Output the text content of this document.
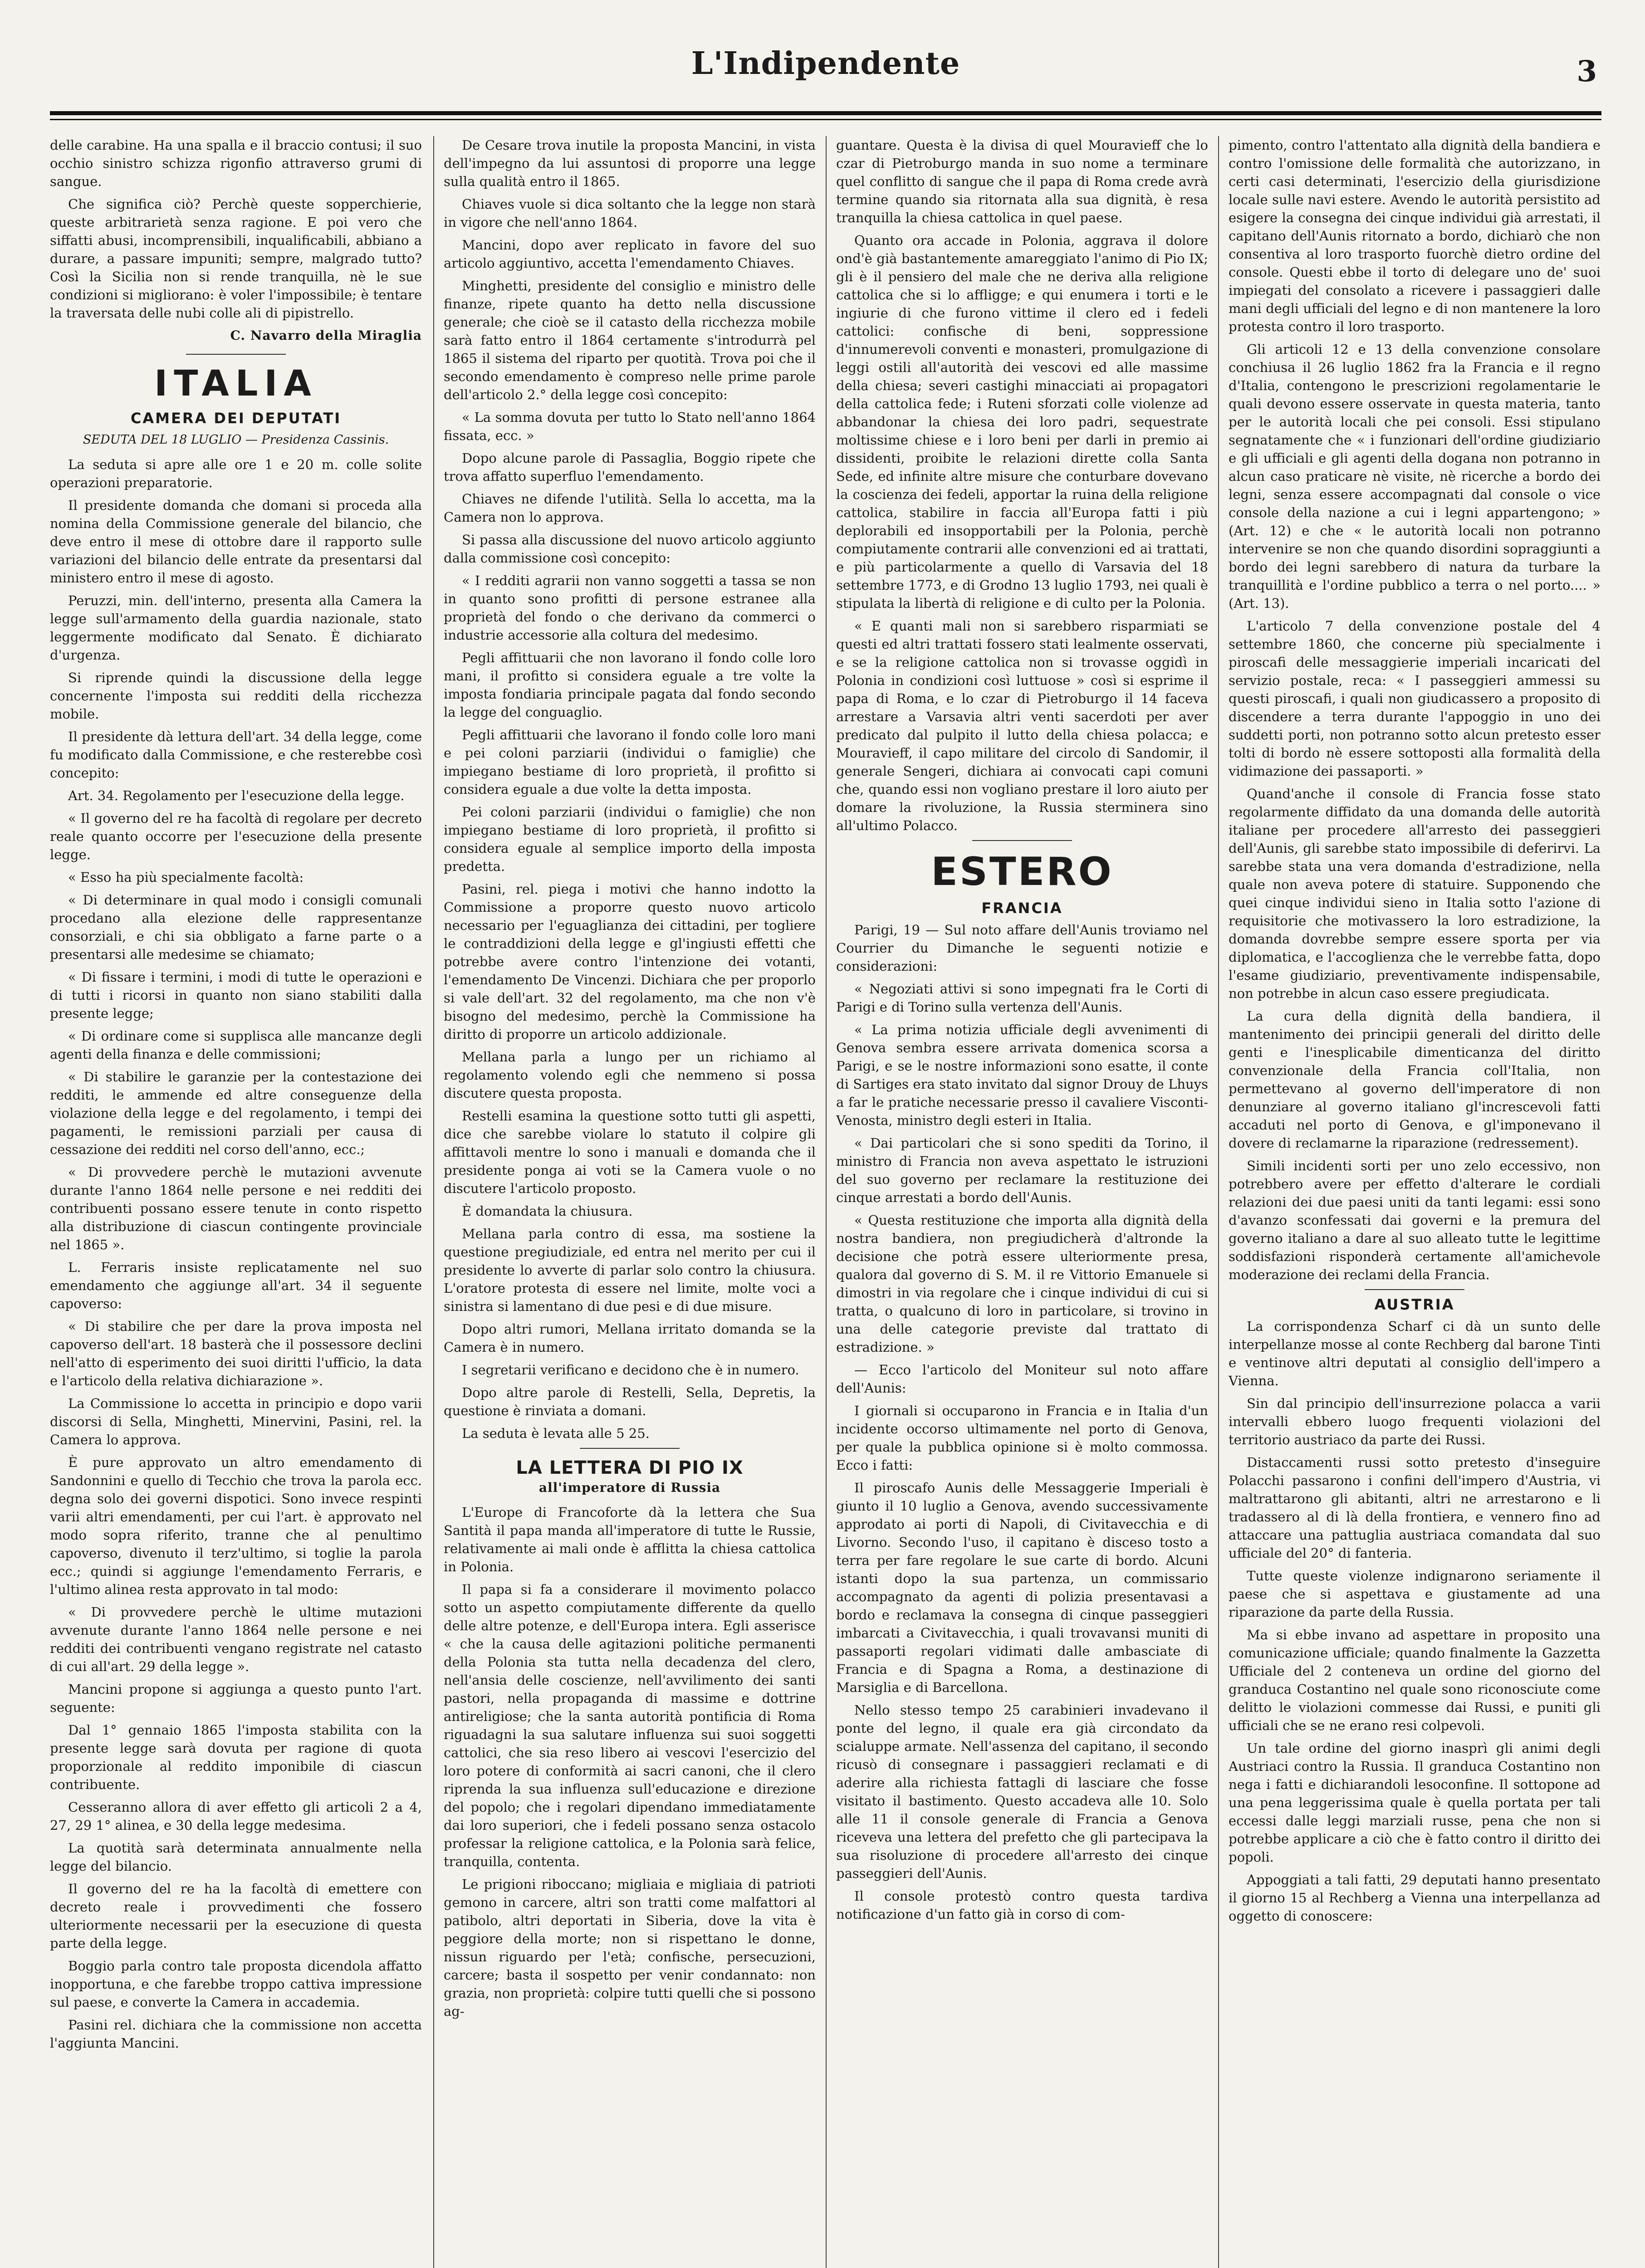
L'Indipendente	3

delle carabine. Ha una spalla e il braccio contusi; il suo occhio sinistro schizza rigonfio attraverso grumi di sangue.

Che significa ciò? Perchè queste sopperchierie, queste arbitrarietà senza ragione. E poi vero che siffatti abusi, incomprensibili, inqualificabili, abbiano a durare, a passare impuniti; sempre, malgrado tutto? Così la Sicilia non si rende tranquilla, nè le sue condizioni si migliorano: è voler l'impossibile; è tentare la traversata delle nubi colle ali di pipistrello.

C. Navarro della Miraglia
ITALIA
CAMERA DEI DEPUTATI
SEDUTA DEL 18 LUGLIO — Presidenza Cassinis.

La seduta si apre alle ore 1 e 20 m. colle solite operazioni preparatorie.

Il presidente domanda che domani si proceda alla nomina della Commissione generale del bilancio, che deve entro il mese di ottobre dare il rapporto sulle variazioni del bilancio delle entrate da presentarsi dal ministero entro il mese di agosto.

Peruzzi, min. dell'interno, presenta alla Camera la legge sull'armamento della guardia nazionale, stato leggermente modificato dal Senato. È dichiarato d'urgenza.

Si riprende quindi la discussione della legge concernente l'imposta sui redditi della ricchezza mobile.

Il presidente dà lettura dell'art. 34 della legge, come fu modificato dalla Commissione, e che resterebbe così concepito:

Art. 34. Regolamento per l'esecuzione della legge.

« Il governo del re ha facoltà di regolare per decreto reale quanto occorre per l'esecuzione della presente legge.

« Esso ha più specialmente facoltà:

« Di determinare in qual modo i consigli comunali procedano alla elezione delle rappresentanze consorziali, e chi sia obbligato a farne parte o a presentarsi alle medesime se chiamato;

« Di fissare i termini, i modi di tutte le operazioni e di tutti i ricorsi in quanto non siano stabiliti dalla presente legge;

« Di ordinare come si supplisca alle mancanze degli agenti della finanza e delle commissioni;

« Di stabilire le garanzie per la contestazione dei redditi, le ammende ed altre conseguenze della violazione della legge e del regolamento, i tempi dei pagamenti, le remissioni parziali per causa di cessazione dei redditi nel corso dell'anno, ecc.;

« Di provvedere perchè le mutazioni avvenute durante l'anno 1864 nelle persone e nei redditi dei contribuenti possano essere tenute in conto rispetto alla distribuzione di ciascun contingente provinciale nel 1865 ».

L. Ferraris insiste replicatamente nel suo emendamento che aggiunge all'art. 34 il seguente capoverso:

« Di stabilire che per dare la prova imposta nel capoverso dell'art. 18 basterà che il possessore declini nell'atto di esperimento dei suoi diritti l'ufficio, la data e l'articolo della relativa dichiarazione ».

La Commissione lo accetta in principio e dopo varii discorsi di Sella, Minghetti, Minervini, Pasini, rel. la Camera lo approva.

È pure approvato un altro emendamento di Sandonnini e quello di Tecchio che trova la parola ecc. degna solo dei governi dispotici. Sono invece respinti varii altri emendamenti, per cui l'art. è approvato nel modo sopra riferito, tranne che al penultimo capoverso, divenuto il terz'ultimo, si toglie la parola ecc.; quindi si aggiunge l'emendamento Ferraris, e l'ultimo alinea resta approvato in tal modo:

« Di provvedere perchè le ultime mutazioni avvenute durante l'anno 1864 nelle persone e nei redditi dei contribuenti vengano registrate nel catasto di cui all'art. 29 della legge ».

Mancini propone si aggiunga a questo punto l'art. seguente:

Dal 1° gennaio 1865 l'imposta stabilita con la presente legge sarà dovuta per ragione di quota proporzionale al reddito imponibile di ciascun contribuente.

Cesseranno allora di aver effetto gli articoli 2 a 4, 27, 29 1° alinea, e 30 della legge medesima.

La quotità sarà determinata annualmente nella legge del bilancio.

Il governo del re ha la facoltà di emettere con decreto reale i provvedimenti che fossero ulteriormente necessarii per la esecuzione di questa parte della legge.

Boggio parla contro tale proposta dicendola affatto inopportuna, e che farebbe troppo cattiva impressione sul paese, e converte la Camera in accademia.

Pasini rel. dichiara che la commissione non accetta l'aggiunta Mancini.

De Cesare trova inutile la proposta Mancini, in vista dell'impegno da lui assuntosi di proporre una legge sulla qualità entro il 1865.

Chiaves vuole si dica soltanto che la legge non starà in vigore che nell'anno 1864.

Mancini, dopo aver replicato in favore del suo articolo aggiuntivo, accetta l'emendamento Chiaves.

Minghetti, presidente del consiglio e ministro delle finanze, ripete quanto ha detto nella discussione generale; che cioè se il catasto della ricchezza mobile sarà fatto entro il 1864 certamente s'introdurrà pel 1865 il sistema del riparto per quotità. Trova poi che il secondo emendamento è compreso nelle prime parole dell'articolo 2.° della legge così concepito:

« La somma dovuta per tutto lo Stato nell'anno 1864 fissata, ecc. »

Dopo alcune parole di Passaglia, Boggio ripete che trova affatto superfluo l'emendamento.

Chiaves ne difende l'utilità. Sella lo accetta, ma la Camera non lo approva.

Si passa alla discussione del nuovo articolo aggiunto dalla commissione così concepito:

« I redditi agrarii non vanno soggetti a tassa se non in quanto sono profitti di persone estranee alla proprietà del fondo o che derivano da commerci o industrie accessorie alla coltura del medesimo.

Pegli affittuarii che non lavorano il fondo colle loro mani, il profitto si considera eguale a tre volte la imposta fondiaria principale pagata dal fondo secondo la legge del conguaglio.

Pegli affittuarii che lavorano il fondo colle loro mani e pei coloni parziarii (individui o famiglie) che impiegano bestiame di loro proprietà, il profitto si considera eguale a due volte la detta imposta.

Pei coloni parziarii (individui o famiglie) che non impiegano bestiame di loro proprietà, il profitto si considera eguale al semplice importo della imposta predetta.

Pasini, rel. piega i motivi che hanno indotto la Commissione a proporre questo nuovo articolo necessario per l'eguaglianza dei cittadini, per togliere le contraddizioni della legge e gl'ingiusti effetti che potrebbe avere contro l'intenzione dei votanti, l'emendamento De Vincenzi. Dichiara che per proporlo si vale dell'art. 32 del regolamento, ma che non v'è bisogno del medesimo, perchè la Commissione ha diritto di proporre un articolo addizionale.

Mellana parla a lungo per un richiamo al regolamento volendo egli che nemmeno si possa discutere questa proposta.

Restelli esamina la questione sotto tutti gli aspetti, dice che sarebbe violare lo statuto il colpire gli affittavoli mentre lo sono i manuali e domanda che il presidente ponga ai voti se la Camera vuole o no discutere l'articolo proposto.

È domandata la chiusura.

Mellana parla contro di essa, ma sostiene la questione pregiudiziale, ed entra nel merito per cui il presidente lo avverte di parlar solo contro la chiusura. L'oratore protesta di essere nel limite, molte voci a sinistra si lamentano di due pesi e di due misure.

Dopo altri rumori, Mellana irritato domanda se la Camera è in numero.

I segretarii verificano e decidono che è in numero.

Dopo altre parole di Restelli, Sella, Depretis, la questione è rinviata a domani.

La seduta è levata alle 5 25.

LA LETTERA DI PIO IX
all'imperatore di Russia

L'Europe di Francoforte dà la lettera che Sua Santità il papa manda all'imperatore di tutte le Russie, relativamente ai mali onde è afflitta la chiesa cattolica in Polonia.

Il papa si fa a considerare il movimento polacco sotto un aspetto compiutamente differente da quello delle altre potenze, e dell'Europa intera. Egli asserisce « che la causa delle agitazioni politiche permanenti della Polonia sta tutta nella decadenza del clero, nell'ansia delle coscienze, nell'avvilimento dei santi pastori, nella propaganda di massime e dottrine antireligiose; che la santa autorità pontificia di Roma riguadagni la sua salutare influenza sui suoi soggetti cattolici, che sia reso libero ai vescovi l'esercizio del loro potere di conformità ai sacri canoni, che il clero riprenda la sua influenza sull'educazione e direzione del popolo; che i regolari dipendano immediatamente dai loro superiori, che i fedeli possano senza ostacolo professar la religione cattolica, e la Polonia sarà felice, tranquilla, contenta.

Le prigioni riboccano; migliaia e migliaia di patrioti gemono in carcere, altri son tratti come malfattori al patibolo, altri deportati in Siberia, dove la vita è peggiore della morte; non si rispettano le donne, nissun riguardo per l'età; confische, persecuzioni, carcere; basta il sospetto per venir condannato: non grazia, non proprietà: colpire tutti quelli che si possono ag-

guantare. Questa è la divisa di quel Mouravieff che lo czar di Pietroburgo manda in suo nome a terminare quel conflitto di sangue che il papa di Roma crede avrà termine quando sia ritornata alla sua dignità, è resa tranquilla la chiesa cattolica in quel paese.

Quanto ora accade in Polonia, aggrava il dolore ond'è già bastantemente amareggiato l'animo di Pio IX; gli è il pensiero del male che ne deriva alla religione cattolica che si lo affligge; e qui enumera i torti e le ingiurie di che furono vittime il clero ed i fedeli cattolici: confische di beni, soppressione d'innumerevoli conventi e monasteri, promulgazione di leggi ostili all'autorità dei vescovi ed alle massime della chiesa; severi castighi minacciati ai propagatori della cattolica fede; i Ruteni sforzati colle violenze ad abbandonar la chiesa dei loro padri, sequestrate moltissime chiese e i loro beni per darli in premio ai dissidenti, proibite le relazioni dirette colla Santa Sede, ed infinite altre misure che conturbare dovevano la coscienza dei fedeli, apportar la ruina della religione cattolica, stabilire in faccia all'Europa fatti i più deplorabili ed insopportabili per la Polonia, perchè compiutamente contrarii alle convenzioni ed ai trattati, e più particolarmente a quello di Varsavia del 18 settembre 1773, e di Grodno 13 luglio 1793, nei quali è stipulata la libertà di religione e di culto per la Polonia.

« E quanti mali non si sarebbero risparmiati se questi ed altri trattati fossero stati lealmente osservati, e se la religione cattolica non si trovasse oggidì in Polonia in condizioni così luttuose » così si esprime il papa di Roma, e lo czar di Pietroburgo il 14 faceva arrestare a Varsavia altri venti sacerdoti per aver predicato dal pulpito il lutto della chiesa polacca; e Mouravieff, il capo militare del circolo di Sandomir, il generale Sengeri, dichiara ai convocati capi comuni che, quando essi non vogliano prestare il loro aiuto per domare la rivoluzione, la Russia sterminera sino all'ultimo Polacco.

ESTERO
FRANCIA

Parigi, 19 — Sul noto affare dell'Aunis troviamo nel Courrier du Dimanche le seguenti notizie e considerazioni:

« Negoziati attivi si sono impegnati fra le Corti di Parigi e di Torino sulla vertenza dell'Aunis.

« La prima notizia ufficiale degli avvenimenti di Genova sembra essere arrivata domenica scorsa a Parigi, e se le nostre informazioni sono esatte, il conte di Sartiges era stato invitato dal signor Drouy de Lhuys a far le pratiche necessarie presso il cavaliere Visconti-Venosta, ministro degli esteri in Italia.

« Dai particolari che si sono spediti da Torino, il ministro di Francia non aveva aspettato le istruzioni del suo governo per reclamare la restituzione dei cinque arrestati a bordo dell'Aunis.

« Questa restituzione che importa alla dignità della nostra bandiera, non pregiudicherà d'altronde la decisione che potrà essere ulteriormente presa, qualora dal governo di S. M. il re Vittorio Emanuele si dimostri in via regolare che i cinque individui di cui si tratta, o qualcuno di loro in particolare, si trovino in una delle categorie previste dal trattato di estradizione. »

— Ecco l'articolo del Moniteur sul noto affare dell'Aunis:

I giornali si occuparono in Francia e in Italia d'un incidente occorso ultimamente nel porto di Genova, per quale la pubblica opinione si è molto commossa. Ecco i fatti:

Il piroscafo Aunis delle Messaggerie Imperiali è giunto il 10 luglio a Genova, avendo successivamente approdato ai porti di Napoli, di Civitavecchia e di Livorno. Secondo l'uso, il capitano è disceso tosto a terra per fare regolare le sue carte di bordo. Alcuni istanti dopo la sua partenza, un commissario accompagnato da agenti di polizia presentavasi a bordo e reclamava la consegna di cinque passeggieri imbarcati a Civitavecchia, i quali trovavansi muniti di passaporti regolari vidimati dalle ambasciate di Francia e di Spagna a Roma, a destinazione di Marsiglia e di Barcellona.

Nello stesso tempo 25 carabinieri invadevano il ponte del legno, il quale era già circondato da scialuppe armate. Nell'assenza del capitano, il secondo ricusò di consegnare i passaggieri reclamati e di aderire alla richiesta fattagli di lasciare che fosse visitato il bastimento. Questo accadeva alle 10. Solo alle 11 il console generale di Francia a Genova riceveva una lettera del prefetto che gli partecipava la sua risoluzione di procedere all'arresto dei cinque passeggieri dell'Aunis.

Il console protestò contro questa tardiva notificazione d'un fatto già in corso di com-

pimento, contro l'attentato alla dignità della bandiera e contro l'omissione delle formalità che autorizzano, in certi casi determinati, l'esercizio della giurisdizione locale sulle navi estere. Avendo le autorità persistito ad esigere la consegna dei cinque individui già arrestati, il capitano dell'Aunis ritornato a bordo, dichiarò che non consentiva al loro trasporto fuorchè dietro ordine del console. Questi ebbe il torto di delegare uno de' suoi impiegati del consolato a ricevere i passaggieri dalle mani degli ufficiali del legno e di non mantenere la loro protesta contro il loro trasporto.

Gli articoli 12 e 13 della convenzione consolare conchiusa il 26 luglio 1862 fra la Francia e il regno d'Italia, contengono le prescrizioni regolamentarie le quali devono essere osservate in questa materia, tanto per le autorità locali che pei consoli. Essi stipulano segnatamente che « i funzionari dell'ordine giudiziario e gli ufficiali e gli agenti della dogana non potranno in alcun caso praticare nè visite, nè ricerche a bordo dei legni, senza essere accompagnati dal console o vice console della nazione a cui i legni appartengono; » (Art. 12) e che « le autorità locali non potranno intervenire se non che quando disordini sopraggiunti a bordo dei legni sarebbero di natura da turbare la tranquillità e l'ordine pubblico a terra o nel porto.... » (Art. 13).

L'articolo 7 della convenzione postale del 4 settembre 1860, che concerne più specialmente i piroscafi delle messaggierie imperiali incaricati del servizio postale, reca: « I passeggieri ammessi su questi piroscafi, i quali non giudicassero a proposito di discendere a terra durante l'appoggio in uno dei suddetti porti, non potranno sotto alcun pretesto esser tolti di bordo nè essere sottoposti alla formalità della vidimazione dei passaporti. »

Quand'anche il console di Francia fosse stato regolarmente diffidato da una domanda delle autorità italiane per procedere all'arresto dei passeggieri dell'Aunis, gli sarebbe stato impossibile di deferirvi. La sarebbe stata una vera domanda d'estradizione, nella quale non aveva potere di statuire. Supponendo che quei cinque individui sieno in Italia sotto l'azione di requisitorie che motivassero la loro estradizione, la domanda dovrebbe sempre essere sporta per via diplomatica, e l'accoglienza che le verrebbe fatta, dopo l'esame giudiziario, preventivamente indispensabile, non potrebbe in alcun caso essere pregiudicata.

La cura della dignità della bandiera, il mantenimento dei principii generali del diritto delle genti e l'inesplicabile dimenticanza del diritto convenzionale della Francia coll'Italia, non permettevano al governo dell'imperatore di non denunziare al governo italiano gl'increscevoli fatti accaduti nel porto di Genova, e gl'imponevano il dovere di reclamarne la riparazione (redressement).

Simili incidenti sorti per uno zelo eccessivo, non potrebbero avere per effetto d'alterare le cordiali relazioni dei due paesi uniti da tanti legami: essi sono d'avanzo sconfessati dai governi e la premura del governo italiano a dare al suo alleato tutte le legittime soddisfazioni risponderà certamente all'amichevole moderazione dei reclami della Francia.

AUSTRIA

La corrispondenza Scharf ci dà un sunto delle interpellanze mosse al conte Rechberg dal barone Tinti e ventinove altri deputati al consiglio dell'impero a Vienna.

Sin dal principio dell'insurrezione polacca a varii intervalli ebbero luogo frequenti violazioni del territorio austriaco da parte dei Russi.

Distaccamenti russi sotto pretesto d'inseguire Polacchi passarono i confini dell'impero d'Austria, vi maltrattarono gli abitanti, altri ne arrestarono e li tradassero al di là della frontiera, e vennero fino ad attaccare una pattuglia austriaca comandata dal suo ufficiale del 20° di fanteria.

Tutte queste violenze indignarono seriamente il paese che si aspettava e giustamente ad una riparazione da parte della Russia.

Ma si ebbe invano ad aspettare in proposito una comunicazione ufficiale; quando finalmente la Gazzetta Ufficiale del 2 conteneva un ordine del giorno del granduca Costantino nel quale sono riconosciute come delitto le violazioni commesse dai Russi, e puniti gli ufficiali che se ne erano resi colpevoli.

Un tale ordine del giorno inasprì gli animi degli Austriaci contro la Russia. Il granduca Costantino non nega i fatti e dichiarandoli lesoconfine. Il sottopone ad una pena leggerissima quale è quella portata per tali eccessi dalle leggi marziali russe, pena che non si potrebbe applicare a ciò che è fatto contro il diritto dei popoli.

Appoggiati a tali fatti, 29 deputati hanno presentato il giorno 15 al Rechberg a Vienna una interpellanza ad oggetto di conoscere:
